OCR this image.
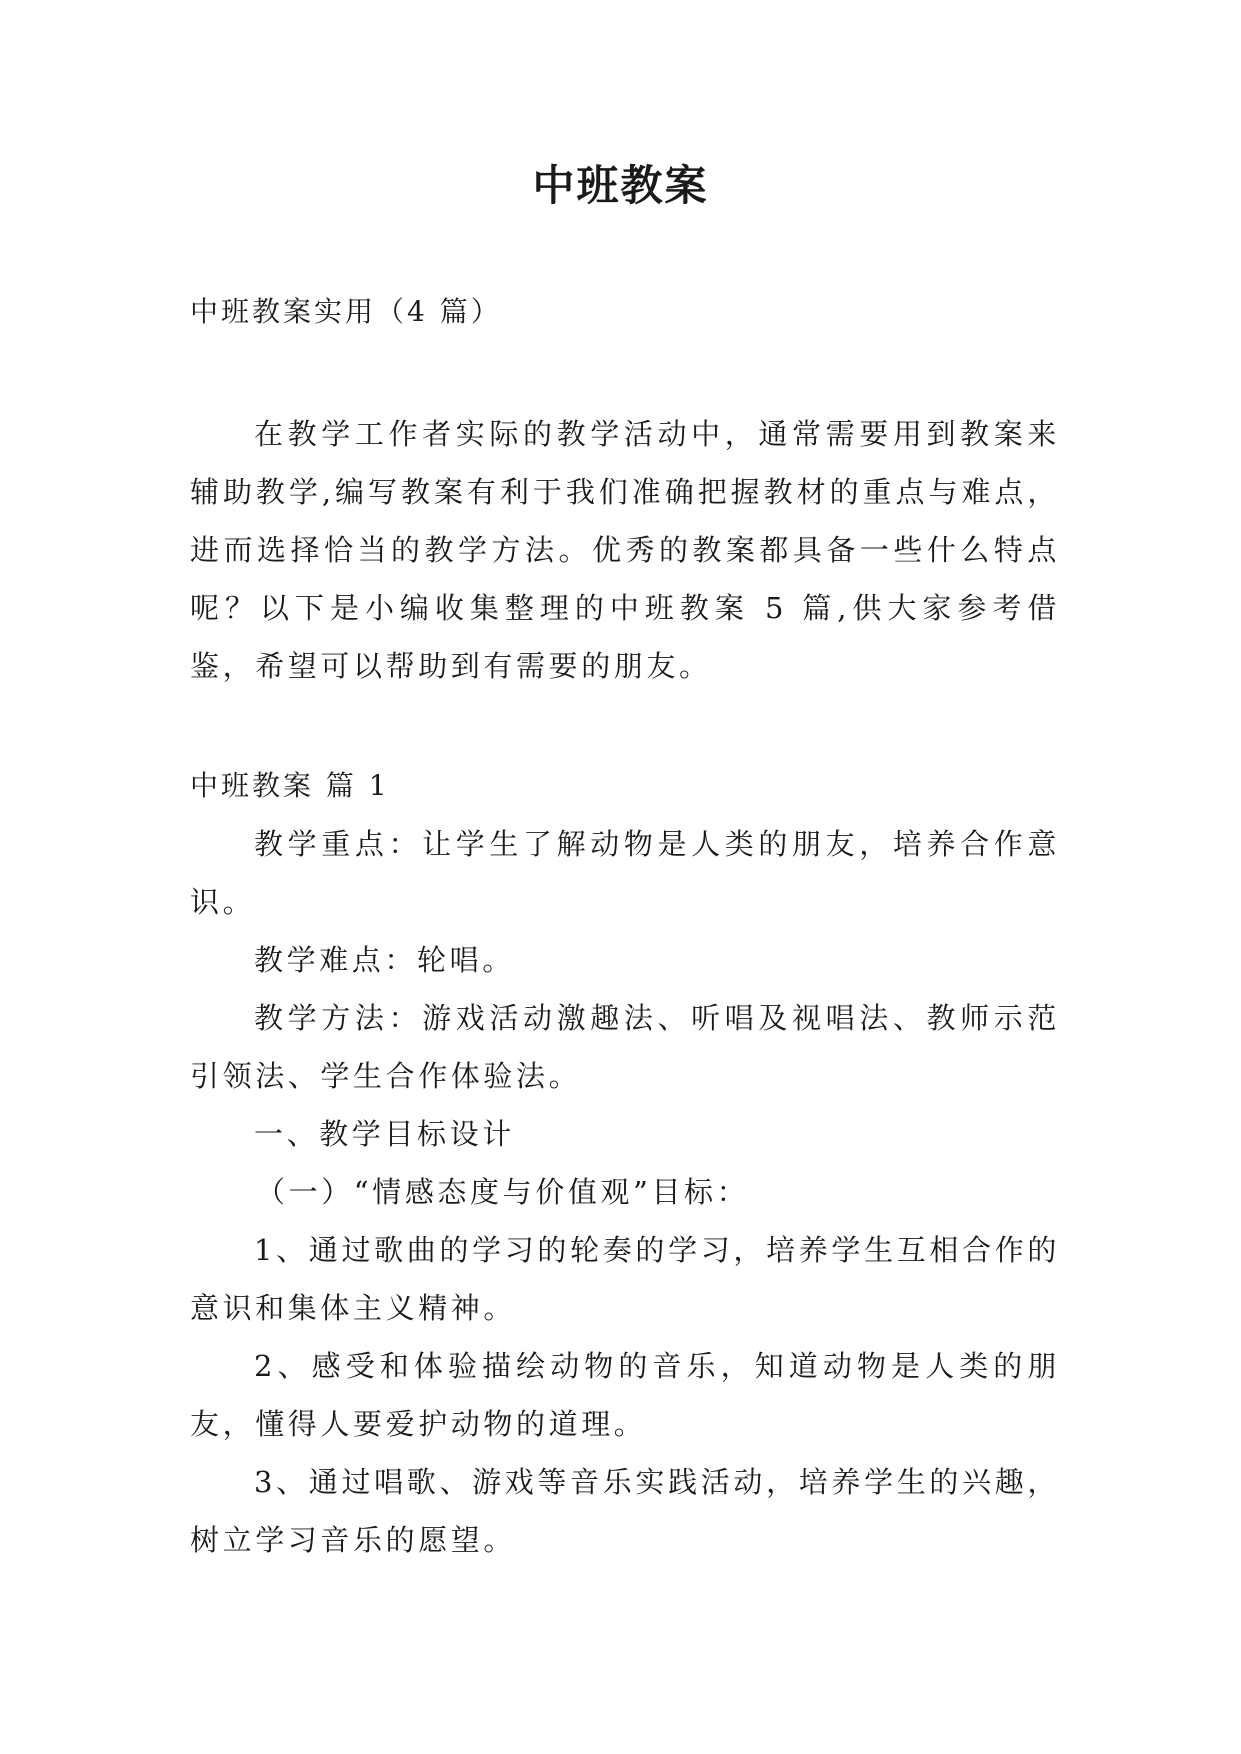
中班教案

中班教案实用（4 篇）

在教学工作者实际的教学活动中，通常需要用到教案来辅助教学,编写教案有利于我们准确把握教材的重点与难点，进而选择恰当的教学方法。优秀的教案都具备一些什么特点呢？以下是小编收集整理的中班教案 5 篇,供大家参考借鉴，希望可以帮助到有需要的朋友。

中班教案 篇 1

教学重点：让学生了解动物是人类的朋友，培养合作意识。

教学难点：轮唱。

教学方法：游戏活动激趣法、听唱及视唱法、教师示范引领法、学生合作体验法。

一、教学目标设计

（一）“情感态度与价值观”目标：

1、通过歌曲的学习的轮奏的学习，培养学生互相合作的意识和集体主义精神。

2、感受和体验描绘动物的音乐，知道动物是人类的朋友，懂得人要爱护动物的道理。

3、通过唱歌、游戏等音乐实践活动，培养学生的兴趣，树立学习音乐的愿望。
